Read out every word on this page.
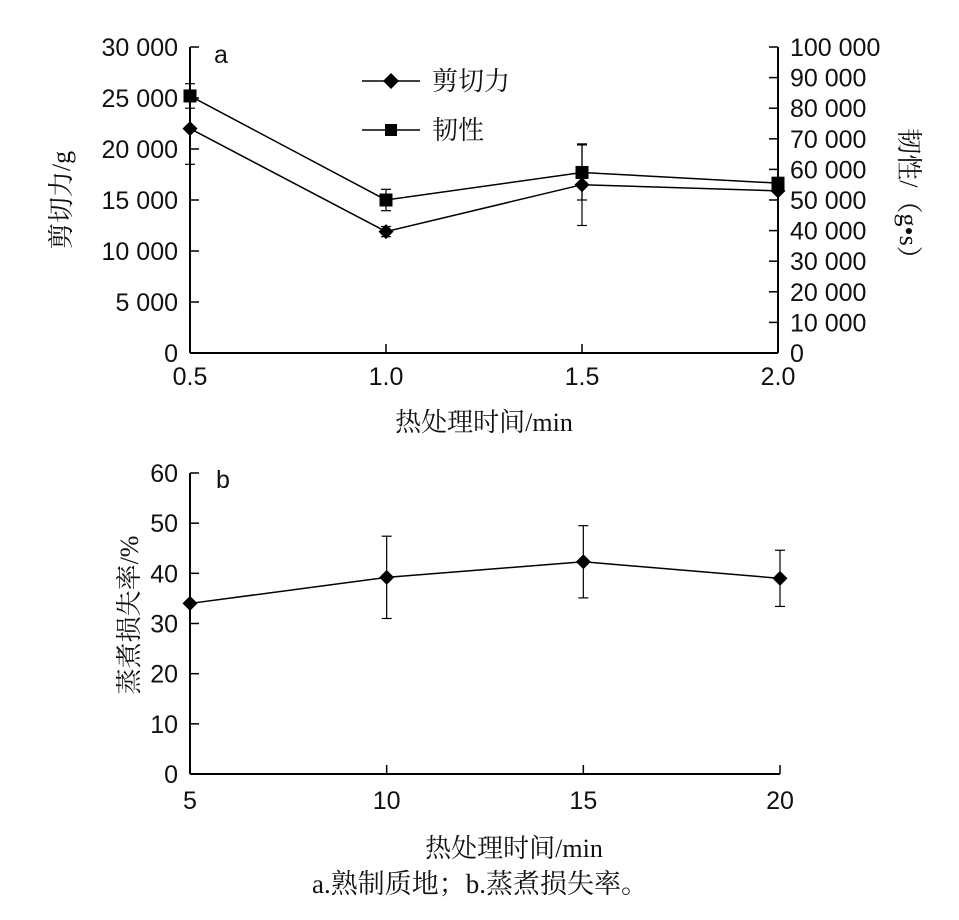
a
0
5 000
10 000
15 000
20 000
25 000
30 000
0
10 000
20 000
30 000
40 000
50 000
60 000
70 000
80 000
90 000
100 000
0.5	1.0	1.5	2.0
剪切力
韧性
剪切力/g	韧性/（g•s）
热处理时间/min
b
0
10
20
30
40
50
60
5	10	15	20
蒸煮损失率/%
热处理时间/min
a.熟制质地；b.蒸煮损失率。
